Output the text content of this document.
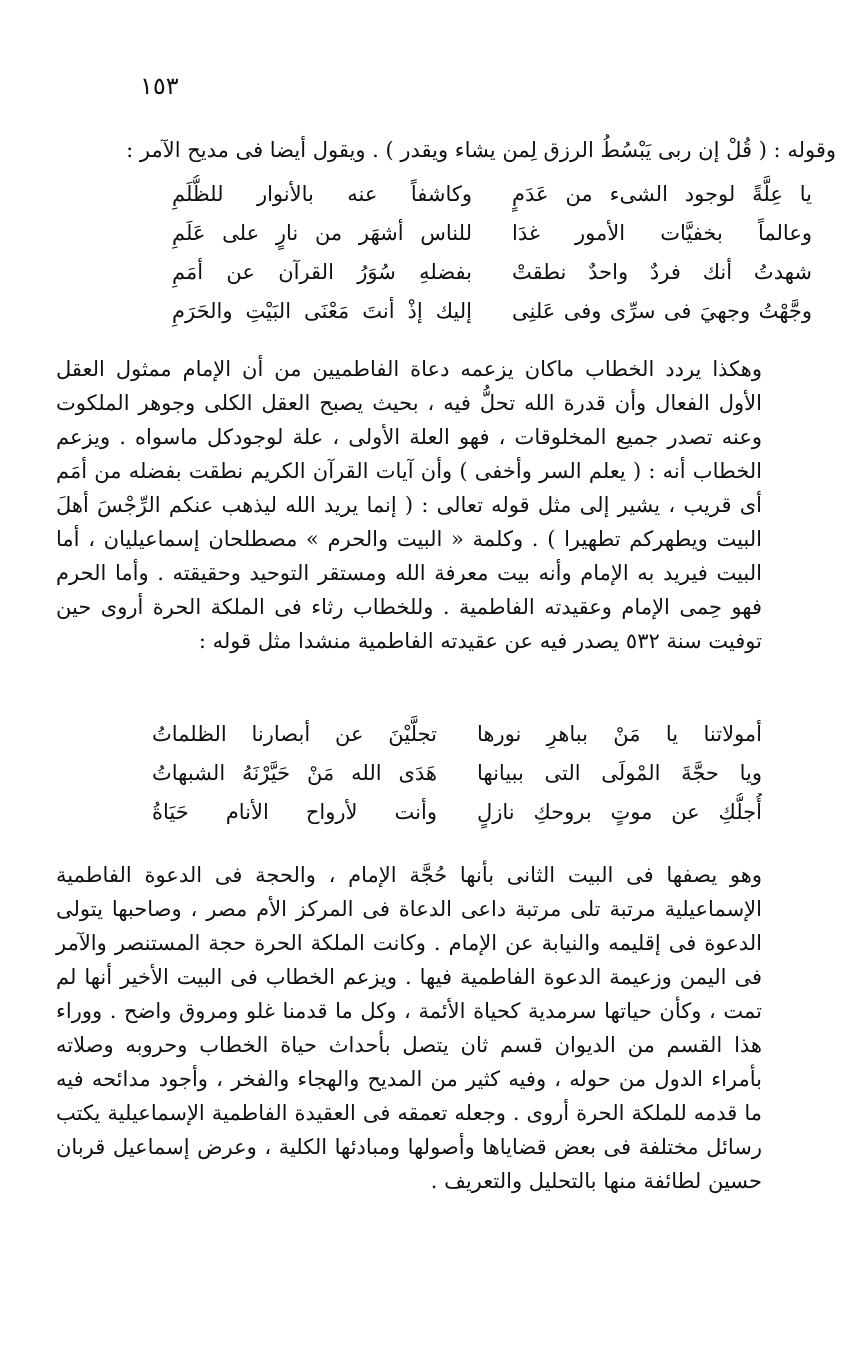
١٥٣
وقوله : ( قُلْ إن ربى يَبْسُطُ الرزق لِمن يشاء ويقدر ) . ويقول أيضا فى مديح الآمر :
يا عِلَّةً لوجود الشىء من عَدَمٍ
وكاشفاً عنه بالأنوار للظُّلَمِ
وعالماً بخفيَّات الأمور غدَا
للناس أشهَر من نارٍ على عَلَمِ
شهدتُ أنك فردٌ واحدٌ نطقتْ
بفضلهِ سُوَرُ القرآن عن أمَمِ
وجَّهْتُ وجهيَ فى سرِّى وفى عَلنِى
إليك إذْ أنتَ مَعْنَى البَيْتِ والحَرَمِ
وهكذا يردد الخطاب ماكان يزعمه دعاة الفاطميين من أن الإمام ممثول العقل الأول الفعال وأن قدرة الله تحلُّ فيه ، بحيث يصبح العقل الكلى وجوهر الملكوت وعنه تصدر جميع المخلوقات ، فهو العلة الأولى ، علة لوجودكل ماسواه . ويزعم الخطاب أنه : ( يعلم السر وأخفى ) وأن آيات القرآن الكريم نطقت بفضله من أمَم أى قريب ، يشير إلى مثل قوله تعالى : ( إنما يريد الله ليذهب عنكم الرِّجْسَ أهلَ البيت ويطهركم تطهيرا ) . وكلمة « البيت والحرم » مصطلحان إسماعيليان ، أما البيت فيريد به الإمام وأنه بيت معرفة الله ومستقر التوحيد وحقيقته . وأما الحرم فهو حِمى الإمام وعقيدته الفاطمية . وللخطاب رثاء فى الملكة الحرة أروى حين توفيت سنة ٥٣٢ يصدر فيه عن عقيدته الفاطمية منشدا مثل قوله :
أمولاتنا يا مَنْ بباهرِ نورها
تجلَّيْنَ عن أبصارنا الظلماتُ
ويا حجَّةَ المْولَى التى ببيانها
هَدَى الله مَنْ حَيَّرْنَهُ الشبهاتُ
أُجلُّكِ عن موتٍ بروحكِ نازلٍ
وأنت لأرواح الأنام حَيَاةُ
وهو يصفها فى البيت الثانى بأنها حُجَّة الإمام ، والحجة فى الدعوة الفاطمية الإسماعيلية مرتبة تلى مرتبة داعى الدعاة فى المركز الأم مصر ، وصاحبها يتولى الدعوة فى إقليمه والنيابة عن الإمام . وكانت الملكة الحرة حجة المستنصر والآمر فى اليمن وزعيمة الدعوة الفاطمية فيها . ويزعم الخطاب فى البيت الأخير أنها لم تمت ، وكأن حياتها سرمدية كحياة الأئمة ، وكل ما قدمنا غلو ومروق واضح . ووراء هذا القسم من الديوان قسم ثان يتصل بأحداث حياة الخطاب وحروبه وصلاته بأمراء الدول من حوله ، وفيه كثير من المديح والهجاء والفخر ، وأجود مدائحه فيه ما قدمه للملكة الحرة أروى . وجعله تعمقه فى العقيدة الفاطمية الإسماعيلية يكتب رسائل مختلفة فى بعض قضاياها وأصولها ومبادئها الكلية ، وعرض إسماعيل قربان حسين لطائفة منها بالتحليل والتعريف .
